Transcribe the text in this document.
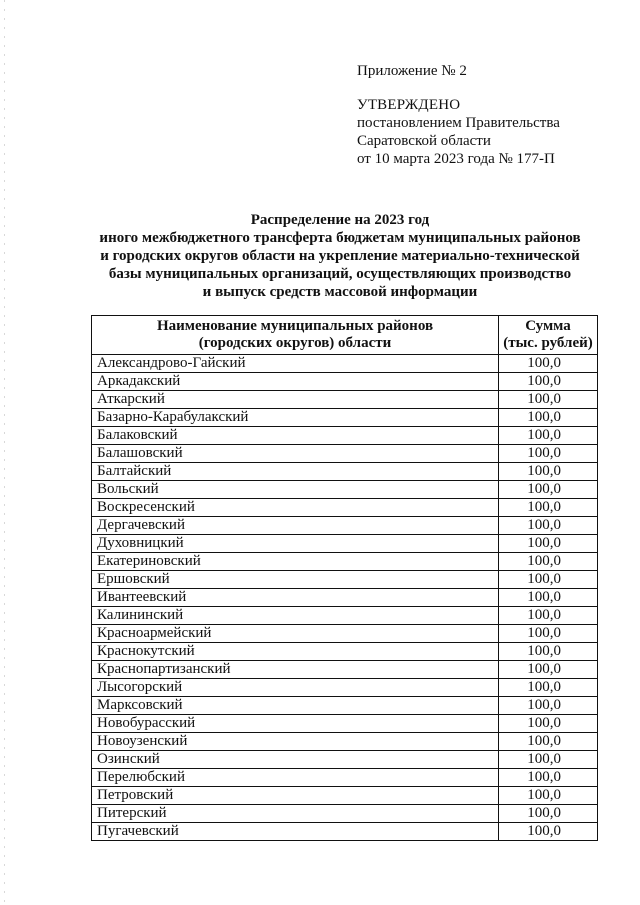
Приложение № 2
УТВЕРЖДЕНО
постановлением Правительства
Саратовской области
от 10 марта 2023 года № 177-П
Распределение на 2023 год
иного межбюджетного трансферта бюджетам муниципальных районов
и городских округов области на укрепление материально-технической
базы муниципальных организаций, осуществляющих производство
и выпуск средств массовой информации
Наименование муниципальных районов
(городских округов) области	Сумма
(тыс. рублей)

Александрово-Гайский	100,0
Аркадакский	100,0
Аткарский	100,0
Базарно-Карабулакский	100,0
Балаковский	100,0
Балашовский	100,0
Балтайский	100,0
Вольский	100,0
Воскресенский	100,0
Дергачевский	100,0
Духовницкий	100,0
Екатериновский	100,0
Ершовский	100,0
Ивантеевский	100,0
Калининский	100,0
Красноармейский	100,0
Краснокутский	100,0
Краснопартизанский	100,0
Лысогорский	100,0
Марксовский	100,0
Новобурасский	100,0
Новоузенский	100,0
Озинский	100,0
Перелюбский	100,0
Петровский	100,0
Питерский	100,0
Пугачевский	100,0
